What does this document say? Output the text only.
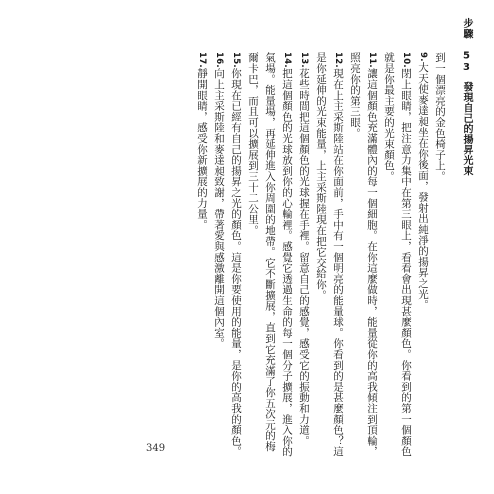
步驟 53發現自己的揚昇光束

到一個漂亮的金色椅子上。

9.大天使麥達昶坐在你後面，發射出純淨的揚昇之光。

10.閉上眼睛，把注意力集中在第三眼上，看看會出現甚麼顏色。你看到的第一個顏色就是你最主要的光束顏色。

11.讓這個顏色充滿體內的每一個細胞。在你這麼做時，能量從你的高我傾注到頂輪，照亮你的第三眼。

12.現在上主采斯陸站在你面前，手中有一個明亮的能量球。你看到的是甚麼顏色？這是你延伸的光束能量，上主采斯陸現在把它交給你。

13.花些時間把這個顏色的光球握在手裡。留意自己的感覺，感受它的振動和力道。

14.把這個顏色的光球放到你的心輪裡。感覺它透過生命的每一個分子擴展，進入你的氣場。能量場，再延伸進入你周圍的地帶。它不斷擴展，直到它充滿了你五次元的梅爾卡巴，而且可以擴展到三十二公里。

15.你現在已經有自己的揚昇之光的顏色。這是你要使用的能量，是你的高我的顏色。

16.向上主采斯陸和麥達昶致謝，帶著愛與感激離開這個內室。

17.靜開眼睛，感受你新擴展的力量。

349
